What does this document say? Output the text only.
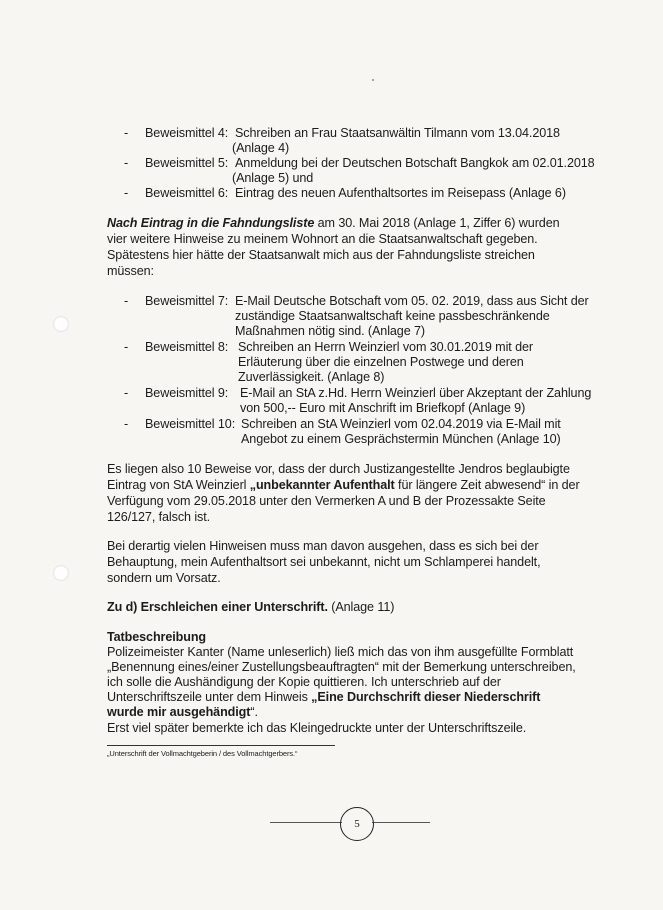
- Beweismittel 4: Schreiben an Frau Staatsanwältin Tilmann vom 13.04.2018
(Anlage 4)
- Beweismittel 5: Anmeldung bei der Deutschen Botschaft Bangkok am 02.01.2018
(Anlage 5) und
- Beweismittel 6: Eintrag des neuen Aufenthaltsortes im Reisepass (Anlage 6)
Nach Eintrag in die Fahndungsliste am 30. Mai 2018 (Anlage 1, Ziffer 6) wurden
vier weitere Hinweise zu meinem Wohnort an die Staatsanwaltschaft gegeben.
Spätestens hier hätte der Staatsanwalt mich aus der Fahndungsliste streichen
müssen:
- Beweismittel 7: E-Mail Deutsche Botschaft vom 05. 02. 2019, dass aus Sicht der
zuständige Staatsanwaltschaft keine passbeschränkende
Maßnahmen nötig sind. (Anlage 7)
- Beweismittel 8: Schreiben an Herrn Weinzierl vom 30.01.2019 mit der
Erläuterung über die einzelnen Postwege und deren
Zuverlässigkeit. (Anlage 8)
- Beweismittel 9: E-Mail an StA z.Hd. Herrn Weinzierl über Akzeptant der Zahlung
von 500,-- Euro mit Anschrift im Briefkopf (Anlage 9)
- Beweismittel 10: Schreiben an StA Weinzierl vom 02.04.2019 via E-Mail mit
Angebot zu einem Gesprächstermin München (Anlage 10)
Es liegen also 10 Beweise vor, dass der durch Justizangestellte Jendros beglaubigte
Eintrag von StA Weinzierl „unbekannter Aufenthalt für längere Zeit abwesend“ in der
Verfügung vom 29.05.2018 unter den Vermerken A und B der Prozessakte Seite
126/127, falsch ist.
Bei derartig vielen Hinweisen muss man davon ausgehen, dass es sich bei der
Behauptung, mein Aufenthaltsort sei unbekannt, nicht um Schlamperei handelt,
sondern um Vorsatz.
Zu d) Erschleichen einer Unterschrift. (Anlage 11)
Tatbeschreibung
Polizeimeister Kanter (Name unleserlich) ließ mich das von ihm ausgefüllte Formblatt
„Benennung eines/einer Zustellungsbeauftragten“ mit der Bemerkung unterschreiben,
ich solle die Aushändigung der Kopie quittieren. Ich unterschrieb auf der
Unterschriftszeile unter dem Hinweis „Eine Durchschrift dieser Niederschrift
wurde mir ausgehändigt“.
Erst viel später bemerkte ich das Kleingedruckte unter der Unterschriftszeile.
„Unterschrift der Vollmachtgeberin / des Vollmachtgerbers.“
5
